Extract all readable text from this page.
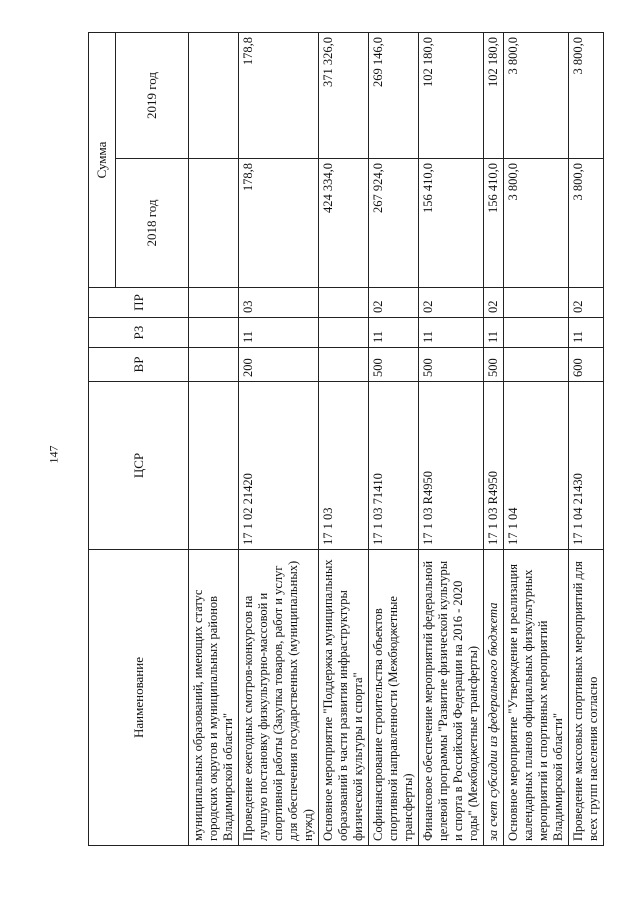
147
Наименование	ЦСР	ВР	РЗ	ПР	Сумма	
					2018 год	2019 год
муниципальных образований, имеющих статус городских округов и муниципальных районов Владимирской области"						
Проведение ежегодных смотров-конкурсов на лучшую постановку физкультурно-массовой и спортивной работы (Закупка товаров, работ и услуг для обеспечения государственных (муниципальных) нужд)	17 1 02 21420	200	11	03	178,8	178,8
Основное мероприятие "Поддержка муниципальных образований в части развития инфраструктуры физической культуры и спорта"	17 1 03				424 334,0	371 326,0
Софинансирование строительства объектов спортивной направленности (Межбюджетные трансферты)	17 1 03 71410	500	11	02	267 924,0	269 146,0
Финансовое обеспечение мероприятий федеральной целевой программы "Развитие физической культуры и спорта в Российской Федерации на 2016 - 2020 годы" (Межбюджетные трансферты)	17 1 03 R4950	500	11	02	156 410,0	102 180,0
за счет субсидии из федерального бюджета	17 1 03 R4950	500	11	02	156 410,0	102 180,0
Основное мероприятие "Утверждение и реализация календарных планов официальных физкультурных мероприятий и спортивных мероприятий Владимирской области"	17 1 04				3 800,0	3 800,0
Проведение массовых спортивных мероприятий для всех групп населения согласно	17 1 04 21430	600	11	02	3 800,0	3 800,0
